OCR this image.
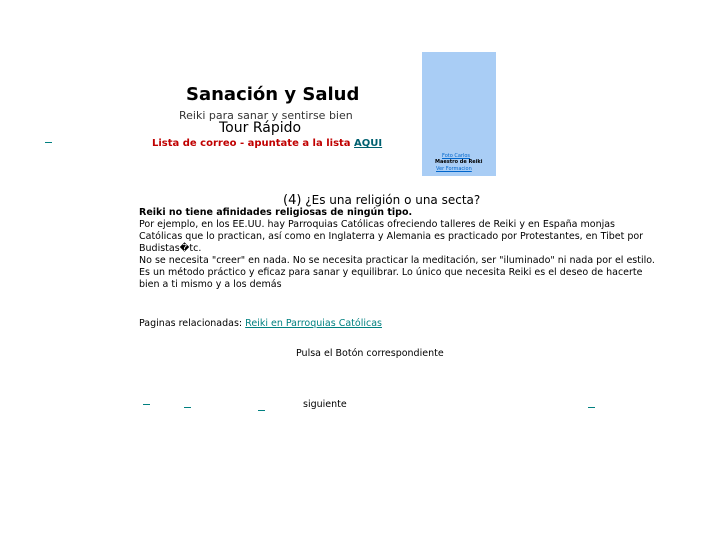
Sanación y Salud
Reiki para sanar y sentirse bien
Tour Rápido
Lista de correo - apuntate a la lista AQUI
Foto Carlos
Maestro de Reiki
Ver Formacion
(4) ¿Es una religión o una secta?

Reiki no tiene afinidades religiosas de ningún tipo.

Por ejemplo, en los EE.UU. hay Parroquias Católicas ofreciendo talleres de Reiki y en España monjas Católicas que lo practican, así como en Inglaterra y Alemania es practicado por Protestantes, en Tibet por Budistas�tc.

No se necesita "creer" en nada. No se necesita practicar la meditación, ser "iluminado" ni nada por el estilo.

Es un método práctico y eficaz para sanar y equilibrar. Lo único que necesita Reiki es el deseo de hacerte bien a ti mismo y a los demás

Paginas relacionadas: Reiki en Parroquias Católicas
Pulsa el Botón correspondiente
siguiente
